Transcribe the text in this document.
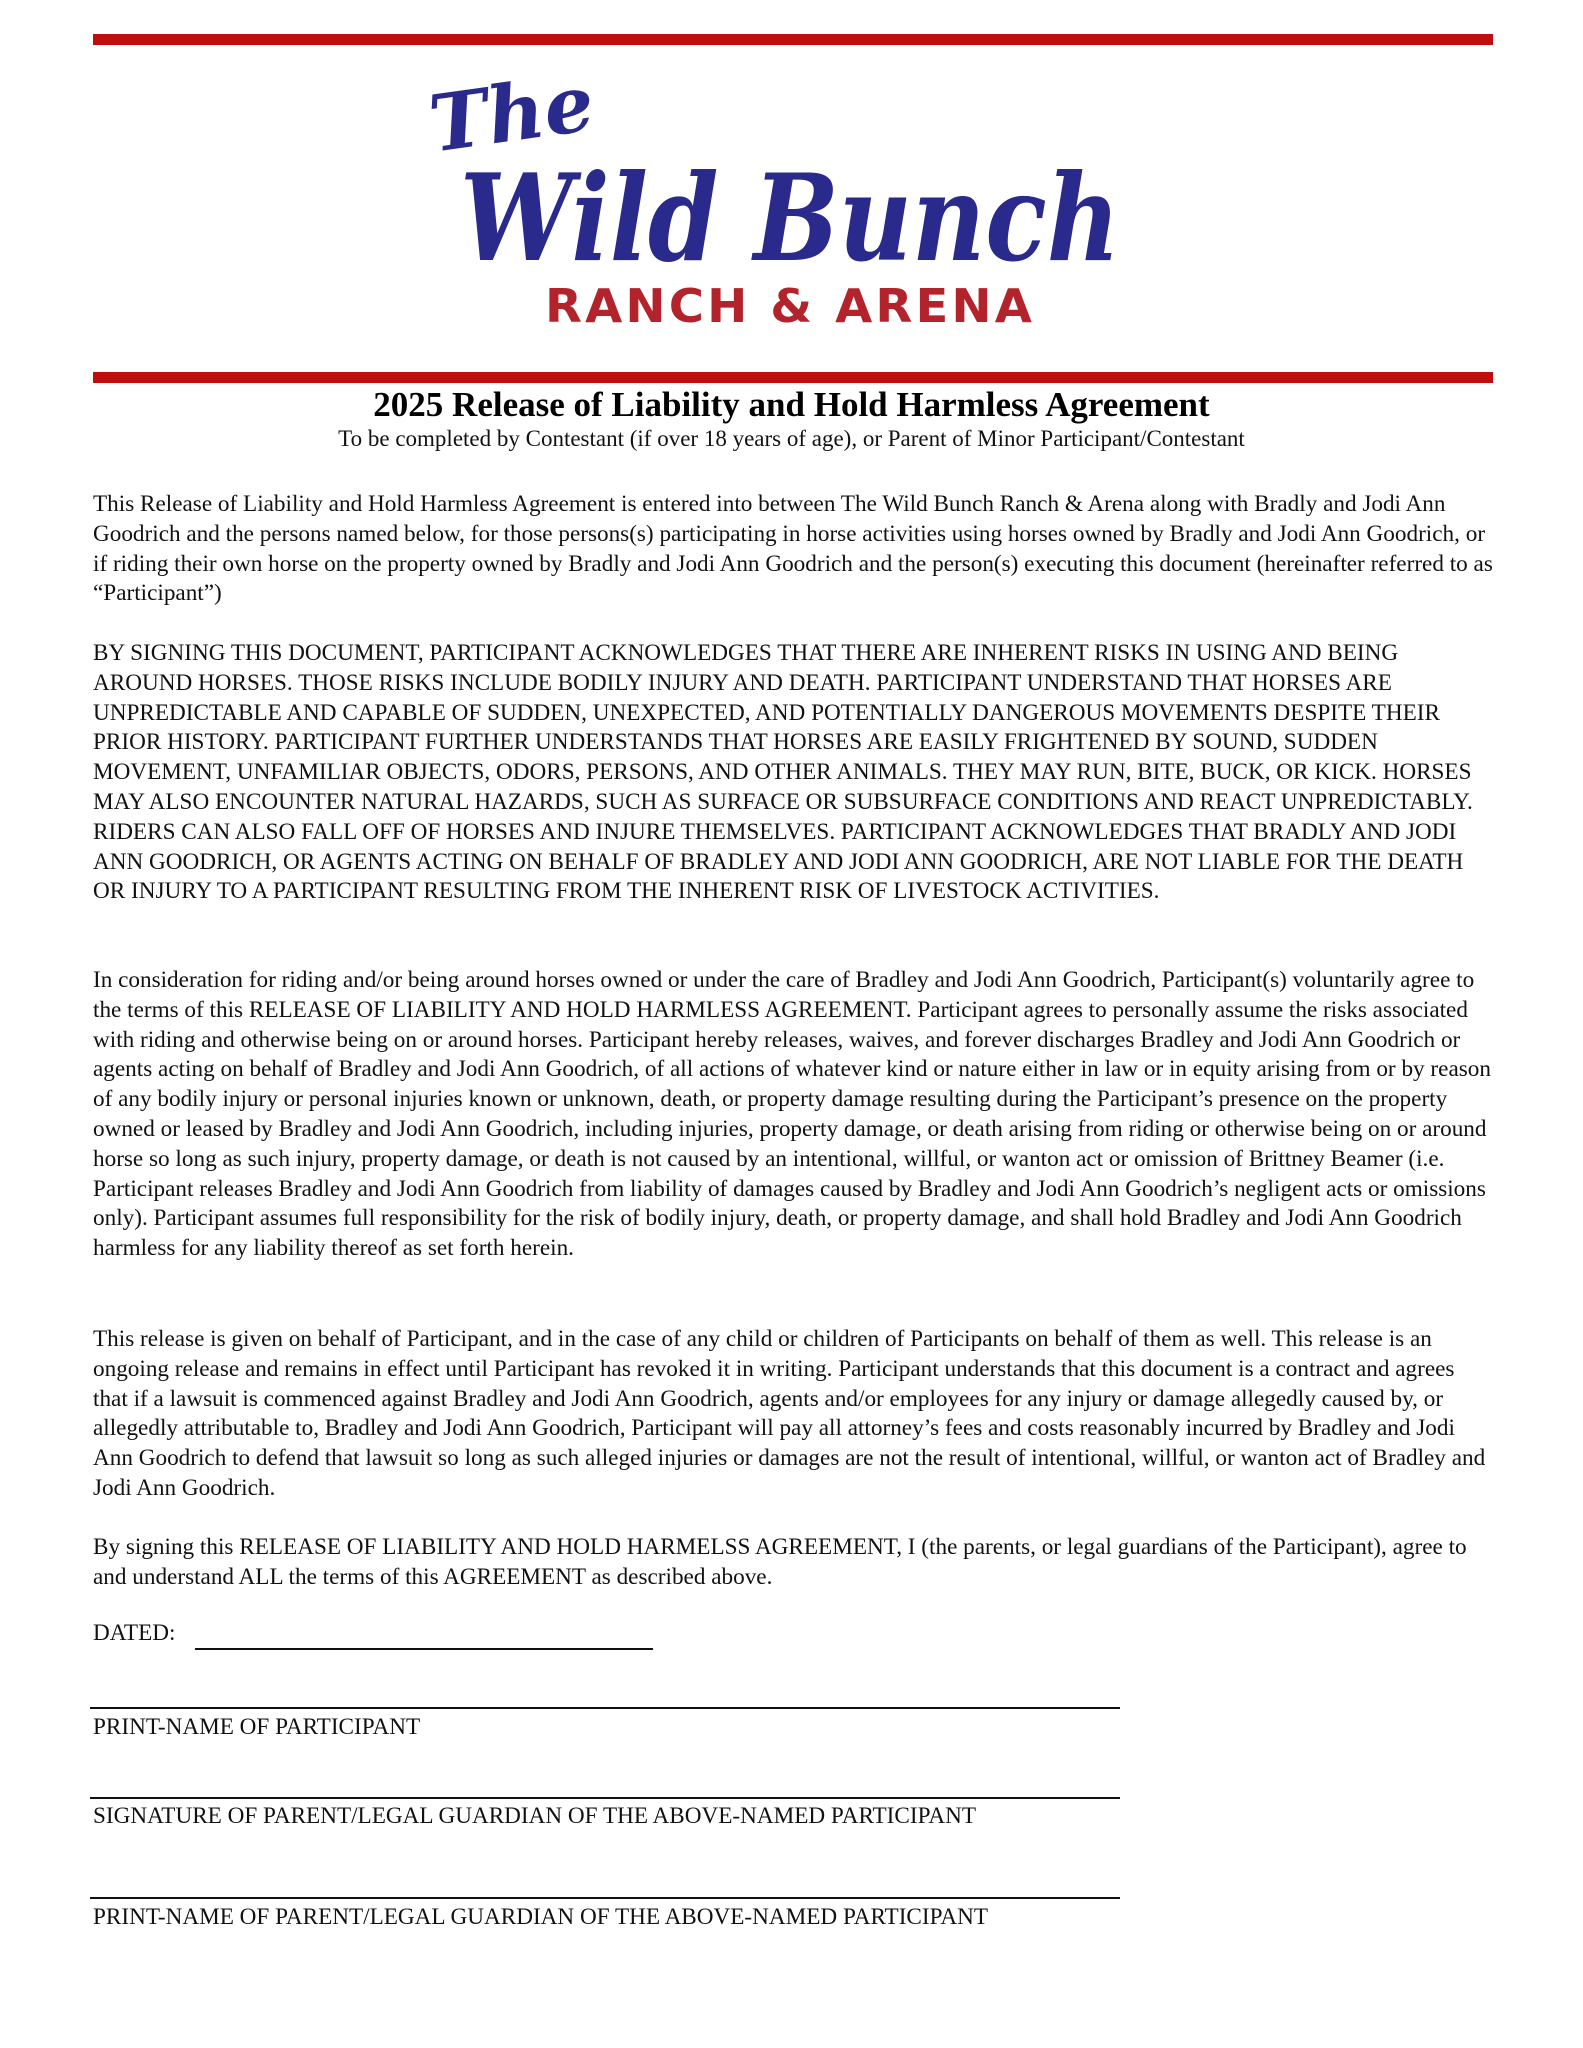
The
Wild Bunch
RANCH & ARENA
2025 Release of Liability and Hold Harmless Agreement
To be completed by Contestant (if over 18 years of age), or Parent of Minor Participant/Contestant

This Release of Liability and Hold Harmless Agreement is entered into between The Wild Bunch Ranch & Arena along with Bradly and Jodi Ann Goodrich and the persons named below, for those persons(s) participating in horse activities using horses owned by Bradly and Jodi Ann Goodrich, or if riding their own horse on the property owned by Bradly and Jodi Ann Goodrich and the person(s) executing this document (hereinafter referred to as “Participant”)

BY SIGNING THIS DOCUMENT, PARTICIPANT ACKNOWLEDGES THAT THERE ARE INHERENT RISKS IN USING AND BEING AROUND HORSES. THOSE RISKS INCLUDE BODILY INJURY AND DEATH. PARTICIPANT UNDERSTAND THAT HORSES ARE UNPREDICTABLE AND CAPABLE OF SUDDEN, UNEXPECTED, AND POTENTIALLY DANGEROUS MOVEMENTS DESPITE THEIR PRIOR HISTORY. PARTICIPANT FURTHER UNDERSTANDS THAT HORSES ARE EASILY FRIGHTENED BY SOUND, SUDDEN MOVEMENT, UNFAMILIAR OBJECTS, ODORS, PERSONS, AND OTHER ANIMALS. THEY MAY RUN, BITE, BUCK, OR KICK. HORSES MAY ALSO ENCOUNTER NATURAL HAZARDS, SUCH AS SURFACE OR SUBSURFACE CONDITIONS AND REACT UNPREDICTABLY. RIDERS CAN ALSO FALL OFF OF HORSES AND INJURE THEMSELVES. PARTICIPANT ACKNOWLEDGES THAT BRADLY AND JODI ANN GOODRICH, OR AGENTS ACTING ON BEHALF OF BRADLEY AND JODI ANN GOODRICH, ARE NOT LIABLE FOR THE DEATH OR INJURY TO A PARTICIPANT RESULTING FROM THE INHERENT RISK OF LIVESTOCK ACTIVITIES.

In consideration for riding and/or being around horses owned or under the care of Bradley and Jodi Ann Goodrich, Participant(s) voluntarily agree to the terms of this RELEASE OF LIABILITY AND HOLD HARMLESS AGREEMENT. Participant agrees to personally assume the risks associated with riding and otherwise being on or around horses. Participant hereby releases, waives, and forever discharges Bradley and Jodi Ann Goodrich or agents acting on behalf of Bradley and Jodi Ann Goodrich, of all actions of whatever kind or nature either in law or in equity arising from or by reason of any bodily injury or personal injuries known or unknown, death, or property damage resulting during the Participant’s presence on the property owned or leased by Bradley and Jodi Ann Goodrich, including injuries, property damage, or death arising from riding or otherwise being on or around horse so long as such injury, property damage, or death is not caused by an intentional, willful, or wanton act or omission of Brittney Beamer (i.e. Participant releases Bradley and Jodi Ann Goodrich from liability of damages caused by Bradley and Jodi Ann Goodrich’s negligent acts or omissions only). Participant assumes full responsibility for the risk of bodily injury, death, or property damage, and shall hold Bradley and Jodi Ann Goodrich harmless for any liability thereof as set forth herein.

This release is given on behalf of Participant, and in the case of any child or children of Participants on behalf of them as well. This release is an ongoing release and remains in effect until Participant has revoked it in writing. Participant understands that this document is a contract and agrees that if a lawsuit is commenced against Bradley and Jodi Ann Goodrich, agents and/or employees for any injury or damage allegedly caused by, or allegedly attributable to, Bradley and Jodi Ann Goodrich, Participant will pay all attorney’s fees and costs reasonably incurred by Bradley and Jodi Ann Goodrich to defend that lawsuit so long as such alleged injuries or damages are not the result of intentional, willful, or wanton act of Bradley and Jodi Ann Goodrich.

By signing this RELEASE OF LIABILITY AND HOLD HARMELSS AGREEMENT, I (the parents, or legal guardians of the Participant), agree to and understand ALL the terms of this AGREEMENT as described above.

DATED:
PRINT-NAME OF PARTICIPANT
SIGNATURE OF PARENT/LEGAL GUARDIAN OF THE ABOVE-NAMED PARTICIPANT
PRINT-NAME OF PARENT/LEGAL GUARDIAN OF THE ABOVE-NAMED PARTICIPANT
